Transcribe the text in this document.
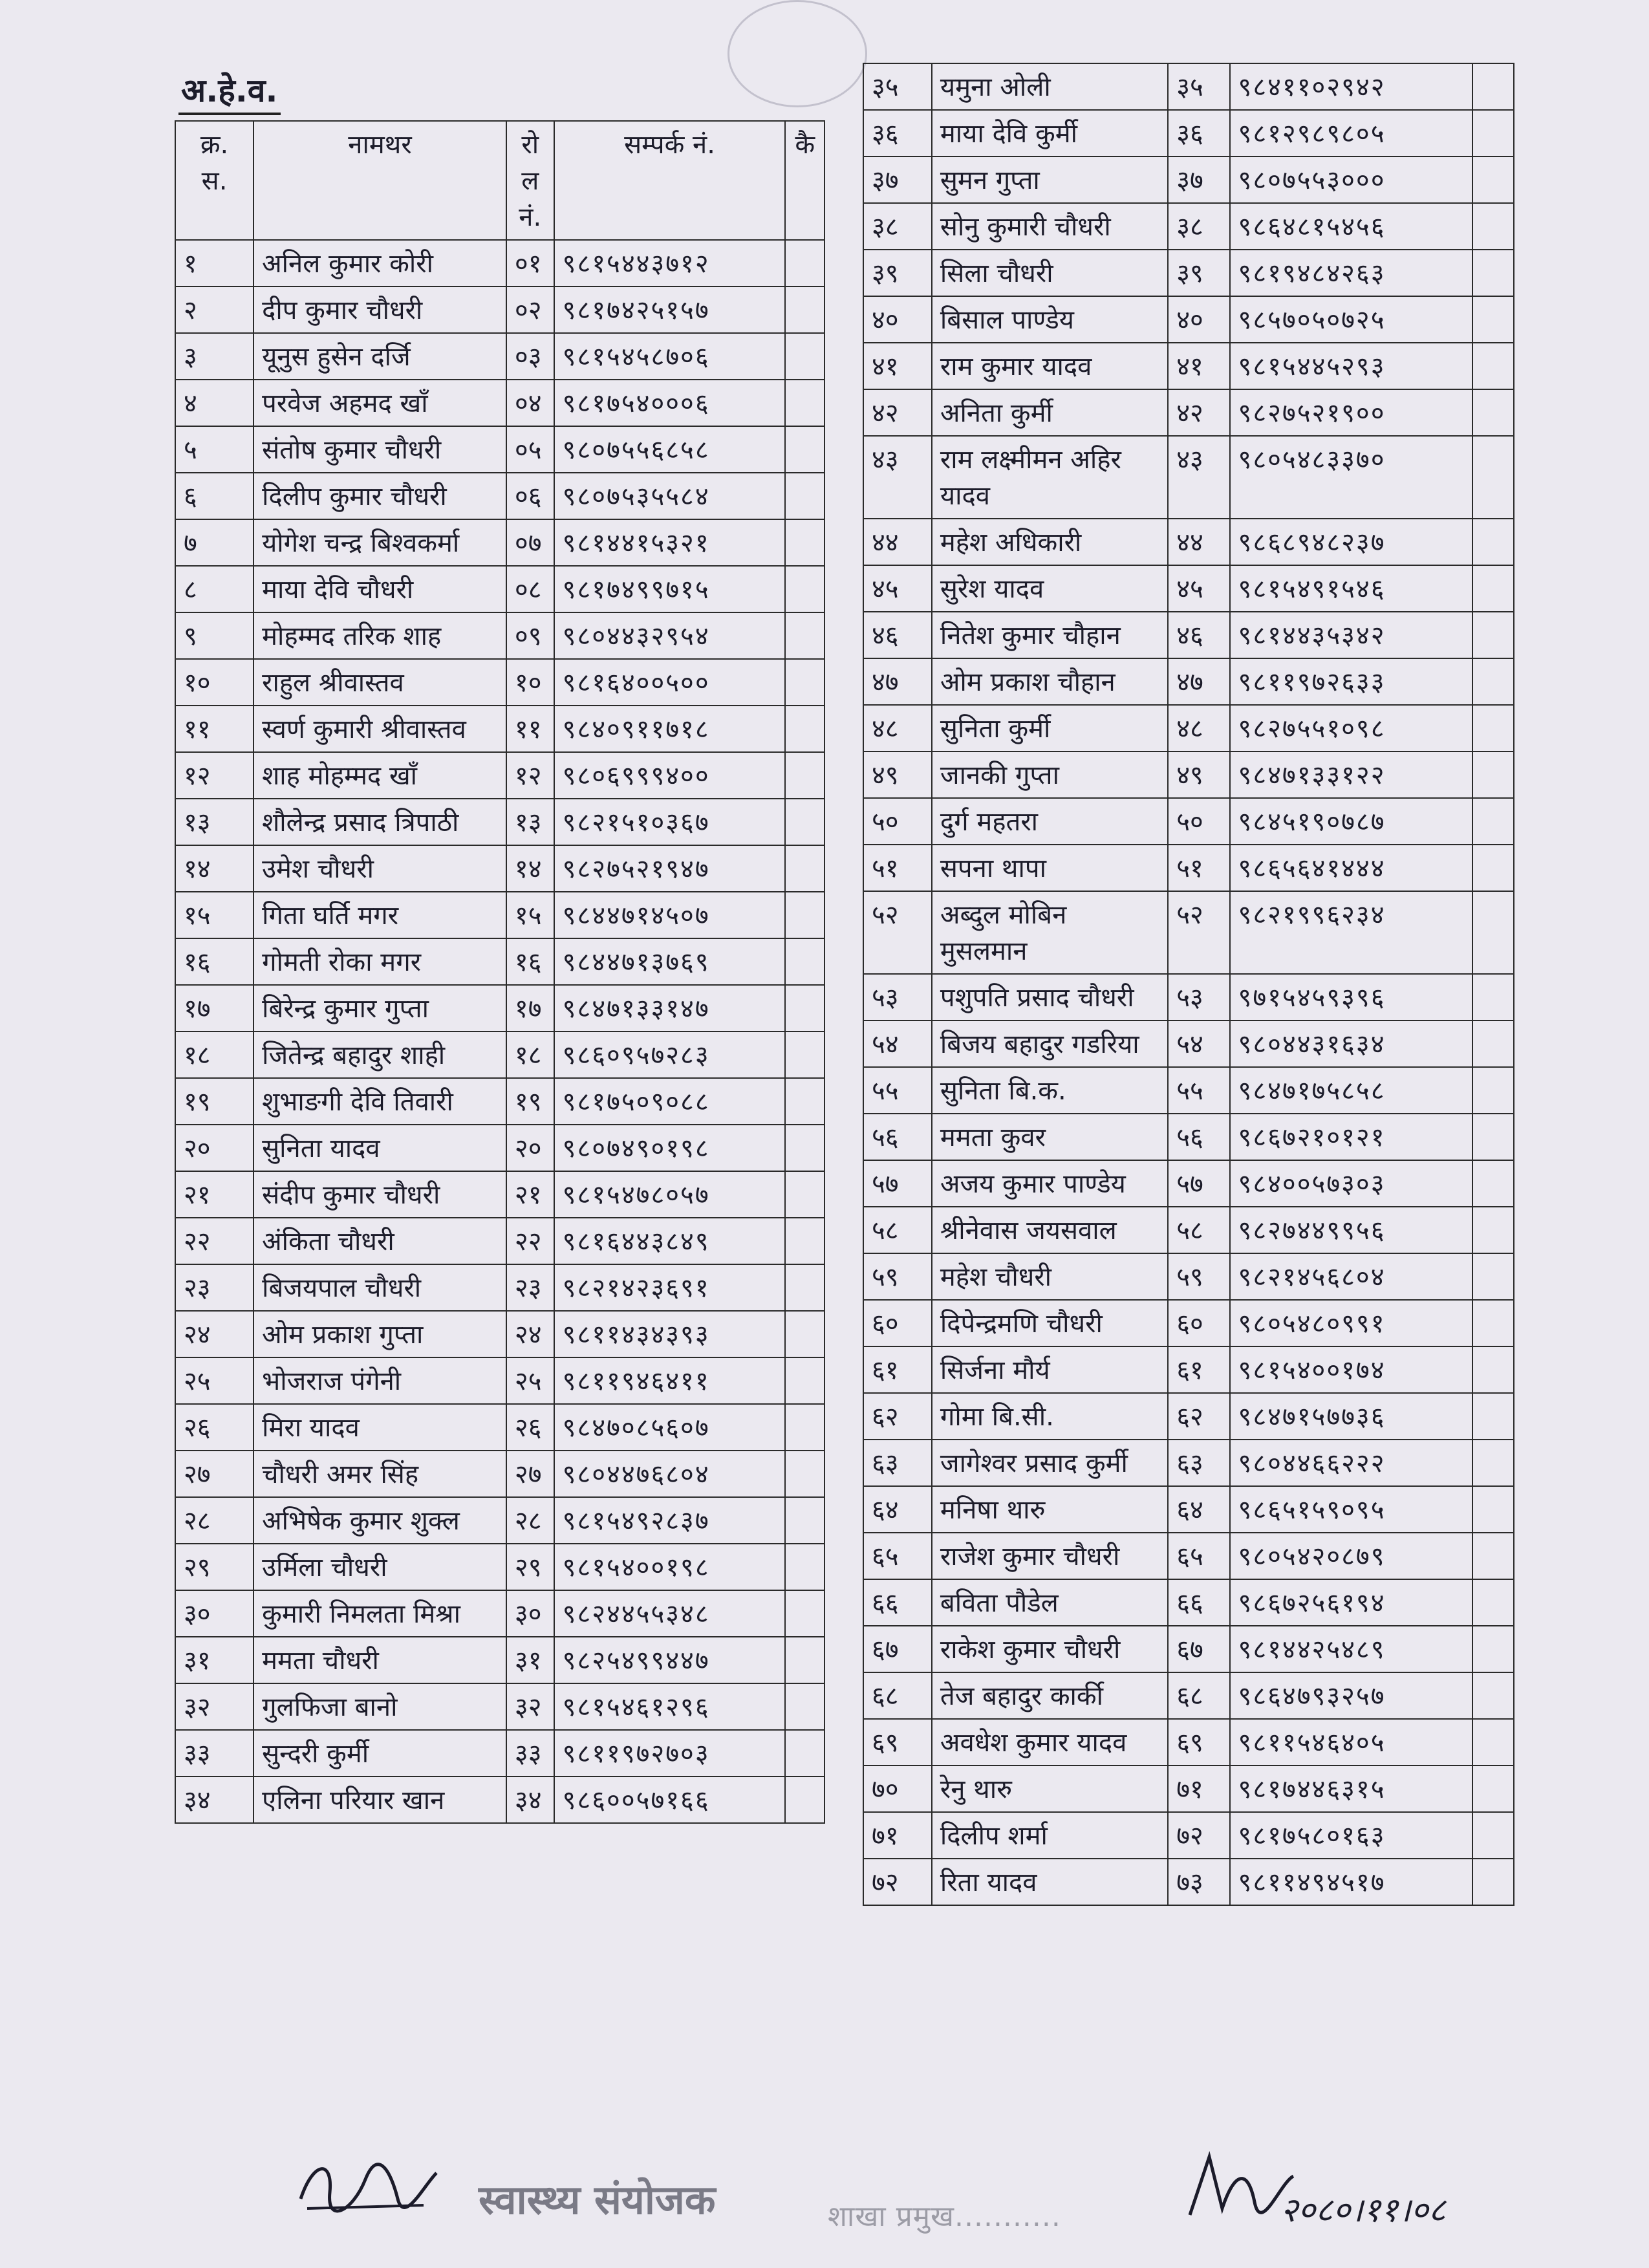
अ.हे.व.
क्र. स.	नामथर	रोल नं.	सम्पर्क नं.	कै
१	अनिल कुमार कोरी	०१	९८१५४४३७१२	
२	दीप कुमार चौधरी	०२	९८१७४२५१५७	
३	यूनुस हुसेन दर्जि	०३	९८१५४५८७०६	
४	परवेज अहमद खाँ	०४	९८१७५४०००६	
५	संतोष कुमार चौधरी	०५	९८०७५५६८५८	
६	दिलीप कुमार चौधरी	०६	९८०७५३५५८४	
७	योगेश चन्द्र बिश्वकर्मा	०७	९८१४४१५३२१	
८	माया देवि चौधरी	०८	९८१७४९९७१५	
९	मोहम्मद तरिक शाह	०९	९८०४४३२९५४	
१०	राहुल श्रीवास्तव	१०	९८१६४००५००	
११	स्वर्ण कुमारी श्रीवास्तव	११	९८४०९११७१८	
१२	शाह मोहम्मद खाँ	१२	९८०६९९९४००	
१३	शौलेन्द्र प्रसाद त्रिपाठी	१३	९८२१५१०३६७	
१४	उमेश चौधरी	१४	९८२७५२१९४७	
१५	गिता घर्ति मगर	१५	९८४४७१४५०७	
१६	गोमती रोका मगर	१६	९८४४७१३७६९	
१७	बिरेन्द्र कुमार गुप्ता	१७	९८४७१३३१४७	
१८	जितेन्द्र बहादुर शाही	१८	९८६०९५७२८३	
१९	शुभाङगी देवि तिवारी	१९	९८१७५०९०८८	
२०	सुनिता यादव	२०	९८०७४९०१९८	
२१	संदीप कुमार चौधरी	२१	९८१५४७८०५७	
२२	अंकिता चौधरी	२२	९८१६४४३८४९	
२३	बिजयपाल चौधरी	२३	९८२१४२३६९१	
२४	ओम प्रकाश गुप्ता	२४	९८११४३४३९३	
२५	भोजराज पंगेनी	२५	९८११९४६४११	
२६	मिरा यादव	२६	९८४७०८५६०७	
२७	चौधरी अमर सिंह	२७	९८०४४७६८०४	
२८	अभिषेक कुमार शुक्ल	२८	९८१५४९२८३७	
२९	उर्मिला चौधरी	२९	९८१५४००१९८	
३०	कुमारी निमलता मिश्रा	३०	९८२४४५५३४८	
३१	ममता चौधरी	३१	९८२५४९९४४७	
३२	गुलफिजा बानो	३२	९८१५४६१२९६	
३३	सुन्दरी कुर्मी	३३	९८११९७२७०३	
३४	एलिना परियार खान	३४	९८६००५७१६६	
३५	यमुना ओली	३५	९८४११०२९४२	
३६	माया देवि कुर्मी	३६	९८१२९८९८०५	
३७	सुमन गुप्ता	३७	९८०७५५३०००	
३८	सोनु कुमारी चौधरी	३८	९८६४८१५४५६	
३९	सिला चौधरी	३९	९८१९४८४२६३	
४०	बिसाल पाण्डेय	४०	९८५७०५०७२५	
४१	राम कुमार यादव	४१	९८१५४४५२९३	
४२	अनिता कुर्मी	४२	९८२७५२१९००	
४३	राम लक्ष्मीमन अहिर यादव	४३	९८०५४८३३७०	
४४	महेश अधिकारी	४४	९८६८९४८२३७	
४५	सुरेश यादव	४५	९८१५४९१५४६	
४६	नितेश कुमार चौहान	४६	९८१४४३५३४२	
४७	ओम प्रकाश चौहान	४७	९८११९७२६३३	
४८	सुनिता कुर्मी	४८	९८२७५५१०९८	
४९	जानकी गुप्ता	४९	९८४७१३३१२२	
५०	दुर्ग महतरा	५०	९८४५१९०७८७	
५१	सपना थापा	५१	९८६५६४१४४४	
५२	अब्दुल मोबिन मुसलमान	५२	९८२१९९६२३४	
५३	पशुपति प्रसाद चौधरी	५३	९७१५४५९३९६	
५४	बिजय बहादुर गडरिया	५४	९८०४४३१६३४	
५५	सुनिता बि.क.	५५	९८४७१७५८५८	
५६	ममता कुवर	५६	९८६७२१०१२१	
५७	अजय कुमार पाण्डेय	५७	९८४००५७३०३	
५८	श्रीनेवास जयसवाल	५८	९८२७४४९९५६	
५९	महेश चौधरी	५९	९८२१४५६८०४	
६०	दिपेन्द्रमणि चौधरी	६०	९८०५४८०९९१	
६१	सिर्जना मौर्य	६१	९८१५४००१७४	
६२	गोमा बि.सी.	६२	९८४७१५७७३६	
६३	जागेश्वर प्रसाद कुर्मी	६३	९८०४४६६२२२	
६४	मनिषा थारु	६४	९८६५१५९०९५	
६५	राजेश कुमार चौधरी	६५	९८०५४२०८७९	
६६	बविता पौडेल	६६	९८६७२५६१९४	
६७	राकेश कुमार चौधरी	६७	९८१४४२५४८९	
६८	तेज बहादुर कार्की	६८	९८६४७९३२५७	
६९	अवधेश कुमार यादव	६९	९८११५४६४०५	
७०	रेनु थारु	७१	९८१७४४६३१५	
७१	दिलीप शर्मा	७२	९८१७५८०१६३	
७२	रिता यादव	७३	९८११४९४५१७	
स्वास्थ्य संयोजक	शाखा प्रमुख...........	२०८०।११।०८
